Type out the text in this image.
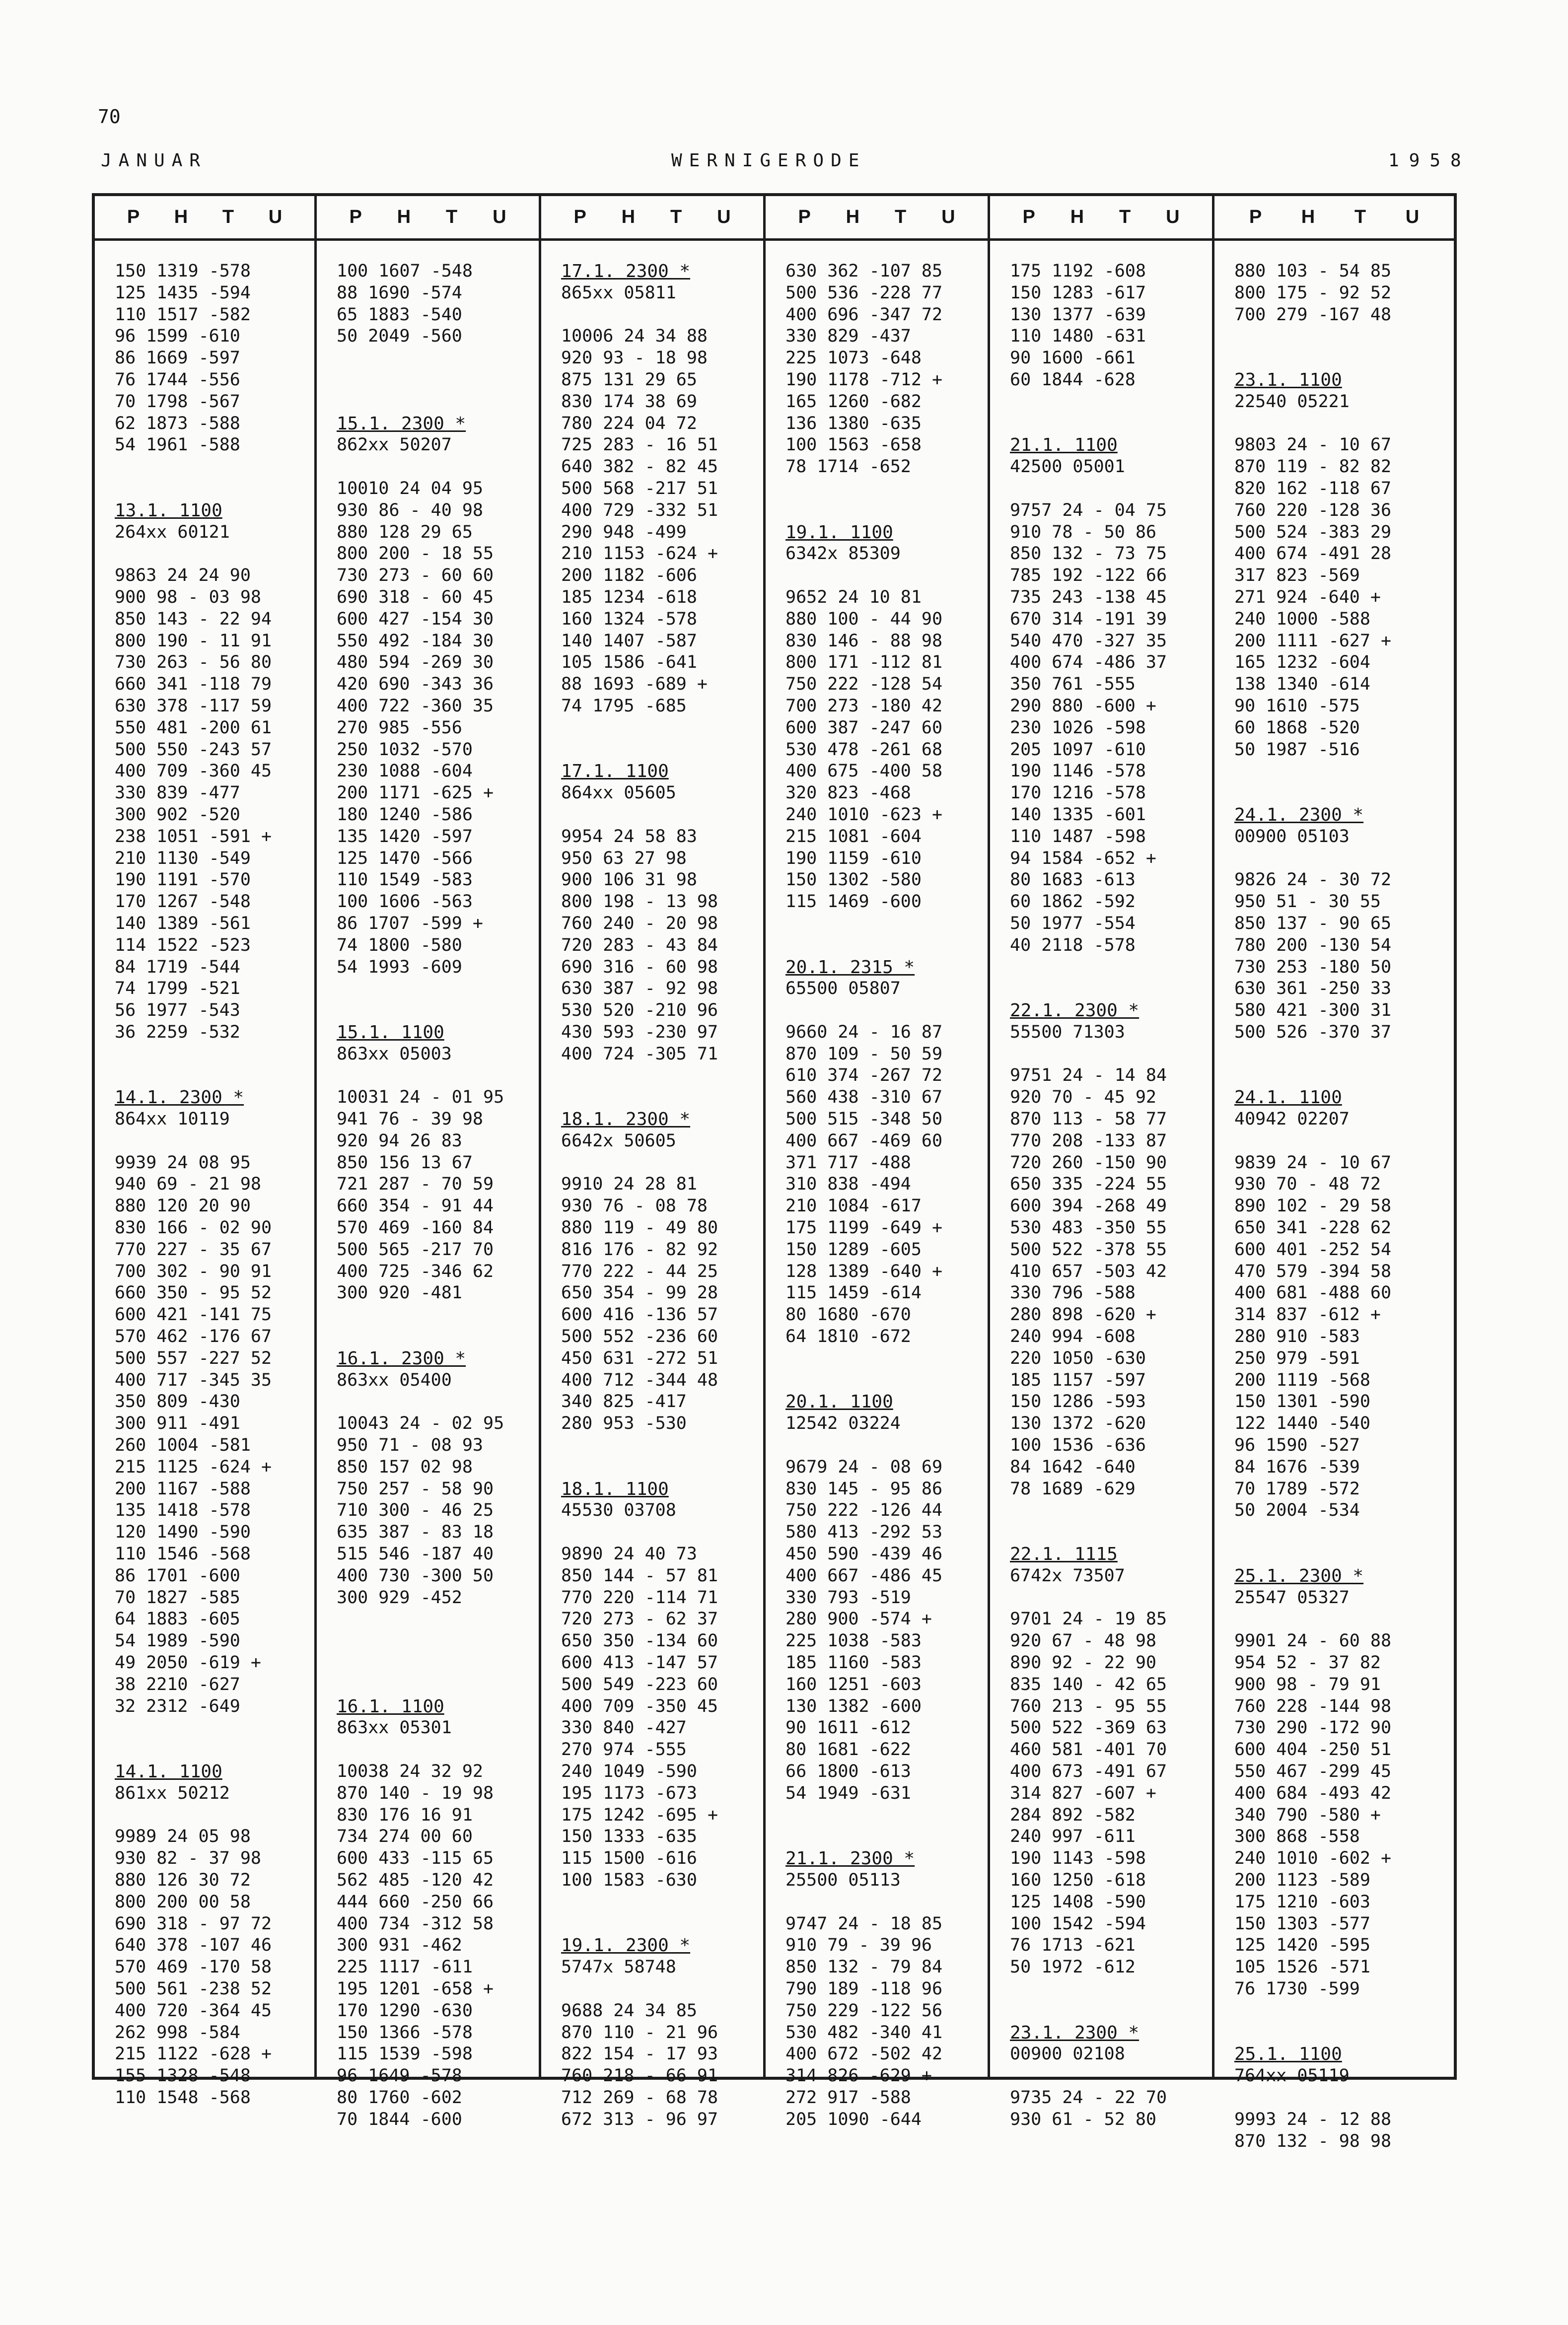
70
JANUAR	WERNIGERODE	1958
P H T U
150 1319 -578
125 1435 -594
110 1517 -582
96 1599 -610
86 1669 -597
76 1744 -556
70 1798 -567
62 1873 -588
54 1961 -588
13.1. 1100
264xx 60121
9863 24 24 90
900 98 - 03 98
850 143 - 22 94
800 190 - 11 91
730 263 - 56 80
660 341 -118 79
630 378 -117 59
550 481 -200 61
500 550 -243 57
400 709 -360 45
330 839 -477
300 902 -520
238 1051 -591 +
210 1130 -549
190 1191 -570
170 1267 -548
140 1389 -561
114 1522 -523
84 1719 -544
74 1799 -521
56 1977 -543
36 2259 -532
14.1. 2300 *
864xx 10119
9939 24 08 95
940 69 - 21 98
880 120 20 90
830 166 - 02 90
770 227 - 35 67
700 302 - 90 91
660 350 - 95 52
600 421 -141 75
570 462 -176 67
500 557 -227 52
400 717 -345 35
350 809 -430
300 911 -491
260 1004 -581
215 1125 -624 +
200 1167 -588
135 1418 -578
120 1490 -590
110 1546 -568
86 1701 -600
70 1827 -585
64 1883 -605
54 1989 -590
49 2050 -619 +
38 2210 -627
32 2312 -649
14.1. 1100
861xx 50212
9989 24 05 98
930 82 - 37 98
880 126 30 72
800 200 00 58
690 318 - 97 72
640 378 -107 46
570 469 -170 58
500 561 -238 52
400 720 -364 45
262 998 -584
215 1122 -628 +
155 1328 -548
110 1548 -568
P H T U
100 1607 -548
88 1690 -574
65 1883 -540
50 2049 -560
15.1. 2300 *
862xx 50207
10010 24 04 95
930 86 - 40 98
880 128 29 65
800 200 - 18 55
730 273 - 60 60
690 318 - 60 45
600 427 -154 30
550 492 -184 30
480 594 -269 30
420 690 -343 36
400 722 -360 35
270 985 -556
250 1032 -570
230 1088 -604
200 1171 -625 +
180 1240 -586
135 1420 -597
125 1470 -566
110 1549 -583
100 1606 -563
86 1707 -599 +
74 1800 -580
54 1993 -609
15.1. 1100
863xx 05003
10031 24 - 01 95
941 76 - 39 98
920 94 26 83
850 156 13 67
721 287 - 70 59
660 354 - 91 44
570 469 -160 84
500 565 -217 70
400 725 -346 62
300 920 -481
16.1. 2300 *
863xx 05400
10043 24 - 02 95
950 71 - 08 93
850 157 02 98
750 257 - 58 90
710 300 - 46 25
635 387 - 83 18
515 546 -187 40
400 730 -300 50
300 929 -452
16.1. 1100
863xx 05301
10038 24 32 92
870 140 - 19 98
830 176 16 91
734 274 00 60
600 433 -115 65
562 485 -120 42
444 660 -250 66
400 734 -312 58
300 931 -462
225 1117 -611
195 1201 -658 +
170 1290 -630
150 1366 -578
115 1539 -598
96 1649 -578
80 1760 -602
70 1844 -600
P H T U
17.1. 2300 *
865xx 05811
10006 24 34 88
920 93 - 18 98
875 131 29 65
830 174 38 69
780 224 04 72
725 283 - 16 51
640 382 - 82 45
500 568 -217 51
400 729 -332 51
290 948 -499
210 1153 -624 +
200 1182 -606
185 1234 -618
160 1324 -578
140 1407 -587
105 1586 -641
88 1693 -689 +
74 1795 -685
17.1. 1100
864xx 05605
9954 24 58 83
950 63 27 98
900 106 31 98
800 198 - 13 98
760 240 - 20 98
720 283 - 43 84
690 316 - 60 98
630 387 - 92 98
530 520 -210 96
430 593 -230 97
400 724 -305 71
18.1. 2300 *
6642x 50605
9910 24 28 81
930 76 - 08 78
880 119 - 49 80
816 176 - 82 92
770 222 - 44 25
650 354 - 99 28
600 416 -136 57
500 552 -236 60
450 631 -272 51
400 712 -344 48
340 825 -417
280 953 -530
18.1. 1100
45530 03708
9890 24 40 73
850 144 - 57 81
770 220 -114 71
720 273 - 62 37
650 350 -134 60
600 413 -147 57
500 549 -223 60
400 709 -350 45
330 840 -427
270 974 -555
240 1049 -590
195 1173 -673
175 1242 -695 +
150 1333 -635
115 1500 -616
100 1583 -630
19.1. 2300 *
5747x 58748
9688 24 34 85
870 110 - 21 96
822 154 - 17 93
760 218 - 66 91
712 269 - 68 78
672 313 - 96 97
P H T U
630 362 -107 85
500 536 -228 77
400 696 -347 72
330 829 -437
225 1073 -648
190 1178 -712 +
165 1260 -682
136 1380 -635
100 1563 -658
78 1714 -652
19.1. 1100
6342x 85309
9652 24 10 81
880 100 - 44 90
830 146 - 88 98
800 171 -112 81
750 222 -128 54
700 273 -180 42
600 387 -247 60
530 478 -261 68
400 675 -400 58
320 823 -468
240 1010 -623 +
215 1081 -604
190 1159 -610
150 1302 -580
115 1469 -600
20.1. 2315 *
65500 05807
9660 24 - 16 87
870 109 - 50 59
610 374 -267 72
560 438 -310 67
500 515 -348 50
400 667 -469 60
371 717 -488
310 838 -494
210 1084 -617
175 1199 -649 +
150 1289 -605
128 1389 -640 +
115 1459 -614
80 1680 -670
64 1810 -672
20.1. 1100
12542 03224
9679 24 - 08 69
830 145 - 95 86
750 222 -126 44
580 413 -292 53
450 590 -439 46
400 667 -486 45
330 793 -519
280 900 -574 +
225 1038 -583
185 1160 -583
160 1251 -603
130 1382 -600
90 1611 -612
80 1681 -622
66 1800 -613
54 1949 -631
21.1. 2300 *
25500 05113
9747 24 - 18 85
910 79 - 39 96
850 132 - 79 84
790 189 -118 96
750 229 -122 56
530 482 -340 41
400 672 -502 42
314 826 -629 +
272 917 -588
205 1090 -644
P H T U
175 1192 -608
150 1283 -617
130 1377 -639
110 1480 -631
90 1600 -661
60 1844 -628
21.1. 1100
42500 05001
9757 24 - 04 75
910 78 - 50 86
850 132 - 73 75
785 192 -122 66
735 243 -138 45
670 314 -191 39
540 470 -327 35
400 674 -486 37
350 761 -555
290 880 -600 +
230 1026 -598
205 1097 -610
190 1146 -578
170 1216 -578
140 1335 -601
110 1487 -598
94 1584 -652 +
80 1683 -613
60 1862 -592
50 1977 -554
40 2118 -578
22.1. 2300 *
55500 71303
9751 24 - 14 84
920 70 - 45 92
870 113 - 58 77
770 208 -133 87
720 260 -150 90
650 335 -224 55
600 394 -268 49
530 483 -350 55
500 522 -378 55
410 657 -503 42
330 796 -588
280 898 -620 +
240 994 -608
220 1050 -630
185 1157 -597
150 1286 -593
130 1372 -620
100 1536 -636
84 1642 -640
78 1689 -629
22.1. 1115
6742x 73507
9701 24 - 19 85
920 67 - 48 98
890 92 - 22 90
835 140 - 42 65
760 213 - 95 55
500 522 -369 63
460 581 -401 70
400 673 -491 67
314 827 -607 +
284 892 -582
240 997 -611
190 1143 -598
160 1250 -618
125 1408 -590
100 1542 -594
76 1713 -621
50 1972 -612
23.1. 2300 *
00900 02108
9735 24 - 22 70
930 61 - 52 80
P H T U
880 103 - 54 85
800 175 - 92 52
700 279 -167 48
23.1. 1100
22540 05221
9803 24 - 10 67
870 119 - 82 82
820 162 -118 67
760 220 -128 36
500 524 -383 29
400 674 -491 28
317 823 -569
271 924 -640 +
240 1000 -588
200 1111 -627 +
165 1232 -604
138 1340 -614
90 1610 -575
60 1868 -520
50 1987 -516
24.1. 2300 *
00900 05103
9826 24 - 30 72
950 51 - 30 55
850 137 - 90 65
780 200 -130 54
730 253 -180 50
630 361 -250 33
580 421 -300 31
500 526 -370 37
24.1. 1100
40942 02207
9839 24 - 10 67
930 70 - 48 72
890 102 - 29 58
650 341 -228 62
600 401 -252 54
470 579 -394 58
400 681 -488 60
314 837 -612 +
280 910 -583
250 979 -591
200 1119 -568
150 1301 -590
122 1440 -540
96 1590 -527
84 1676 -539
70 1789 -572
50 2004 -534
25.1. 2300 *
25547 05327
9901 24 - 60 88
954 52 - 37 82
900 98 - 79 91
760 228 -144 98
730 290 -172 90
600 404 -250 51
550 467 -299 45
400 684 -493 42
340 790 -580 +
300 868 -558
240 1010 -602 +
200 1123 -589
175 1210 -603
150 1303 -577
125 1420 -595
105 1526 -571
76 1730 -599
25.1. 1100
764xx 05119
9993 24 - 12 88
870 132 - 98 98
